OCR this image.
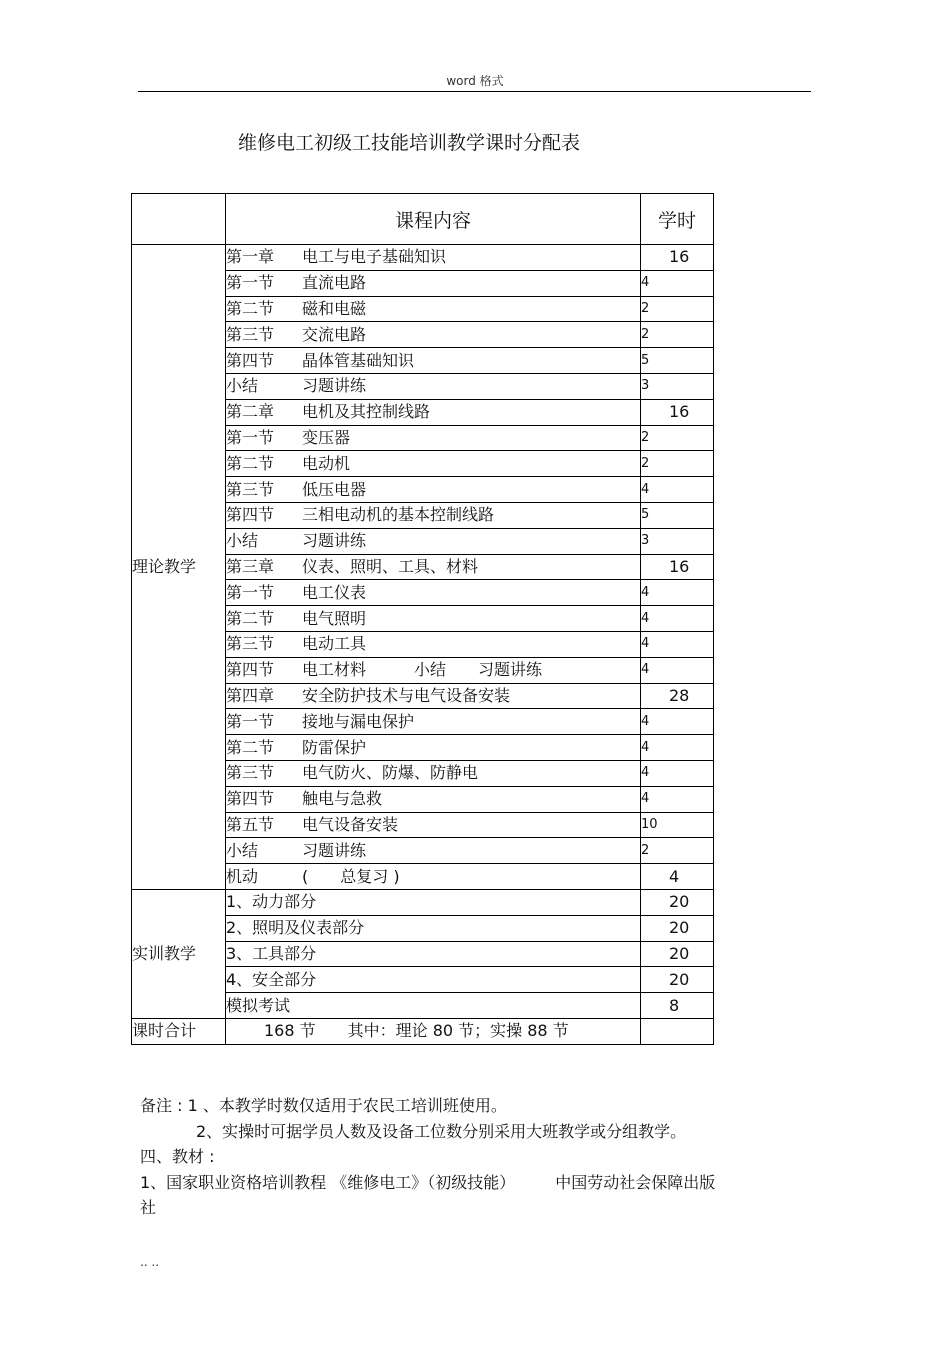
word 格式
维修电工初级工技能培训教学课时分配表
	课程内容	学时
理论教学	第一章 电工与电子基础知识	16
	第一节 直流电路	4
	第二节 磁和电磁	2
	第三节 交流电路	2
	第四节 晶体管基础知识	5
	小结 习题讲练	3
	第二章 电机及其控制线路	16
	第一节 变压器	2
	第二节 电动机	2
	第三节 低压电器	4
	第四节 三相电动机的基本控制线路	5
	小结 习题讲练	3
	第三章 仪表、照明、工具、材料	16
	第一节 电工仪表	4
	第二节 电气照明	4
	第三节 电动工具	4
	第四节 电工材料　　　小结　　习题讲练	4
	第四章 安全防护技术与电气设备安装	28
	第一节 接地与漏电保护	4
	第二节 防雷保护	4
	第三节 电气防火、防爆、防静电	4
	第四节 触电与急救	4
	第五节 电气设备安装	10
	小结 习题讲练	2
	机动 (　　总复习 )	4
实训教学	1、动力部分	20
	2、照明及仪表部分	20
	3、工具部分	20
	4、安全部分	20
	模拟考试	8
课时合计	168 节　　其中：理论 80 节；实操 88 节	
备注 : 1 、本教学时数仅适用于农民工培训班使用。
2、实操时可据学员人数及设备工位数分别采用大班教学或分组教学。
四、教材 :
1、国家职业资格培训教程 《维修电工》（初级技能）　　　中国劳动社会保障出版
社
.. ..
